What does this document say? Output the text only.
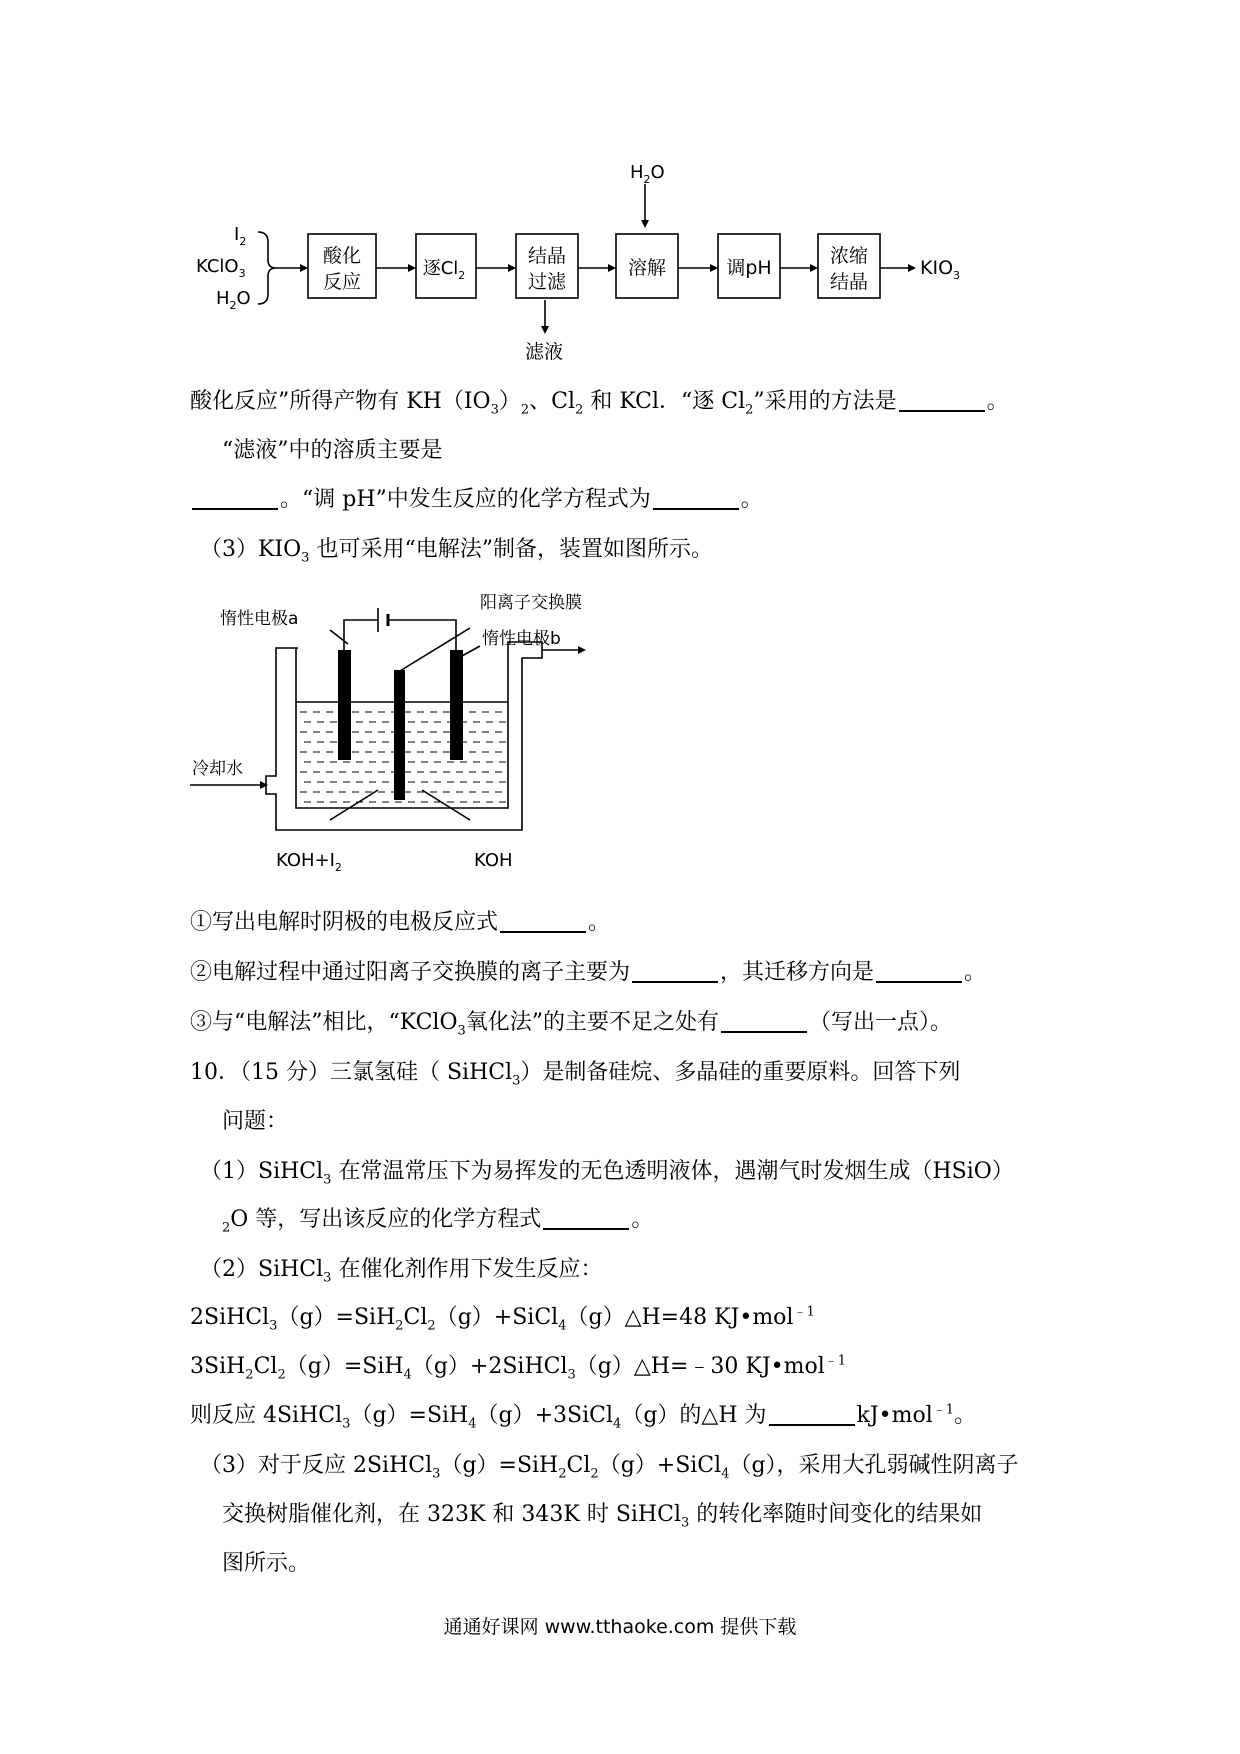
$I_2$
KClO$_3$
$H_2O$
$H_2O$
酸化
反应
逐$Cl_2$
结晶
过滤
溶解	调pH
浓缩
结晶
滤液
$KIO_3$
酸化反应”所得产物有 $KH(IO_3)_2$、$Cl_2$ 和 KCl．“逐 $Cl_2$”采用的方法是	。
“滤液”中的溶质主要是
。“调 pH”中发生反应的化学方程式为	。
$(3)KIO_3$ 也可采用“电解法”制备，装置如图所示。
惰性电极a
阳离子交换膜
惰性电极b
冷却水
$KOH+I_2$	KOH
①写出电解时阴极的电极反应式	。
②电解过程中通过阳离子交换膜的离子主要为	，其迁移方向是	。
③与“电解法”相比，“KClO$_3$氧化法”的主要不足之处有	（写出一点）。
10．（15 分）三氯氢硅（ SiHCl$_3$）是制备硅烷、多晶硅的重要原料。回答下列
问题：
（1）SiHCl$_3$ 在常温常压下为易挥发的无色透明液体，遇潮气时发烟生成（HSiO）
$_2$O 等，写出该反应的化学方程式	。
（2）SiHCl$_3$ 在催化剂作用下发生反应：
$2SiHCl_3(g)=SiH_2Cl_2(g)+SiCl_4(g)\triangle H=48$ KJ•mol$^{﹣1}$
$3SiH_2Cl_2(g)=SiH_4(g)+2SiHCl_3(g)\triangle H=﹣30$ KJ•mol$^{﹣1}$
则反应 4SiHCl$_3$（g）=SiH$_4$（g）+3SiCl$_4$（g）的△H 为	kJ•mol$^{﹣1}$。
（3）对于反应 $2SiHCl_3(g)=SiH_2Cl_2(g)+SiCl_4(g)$，采用大孔弱碱性阴离子
交换树脂催化剂，在 323K 和 343K 时 SiHCl$_3$ 的转化率随时间变化的结果如
图所示。
通通好课网 www.tthaoke.com 提供下载
